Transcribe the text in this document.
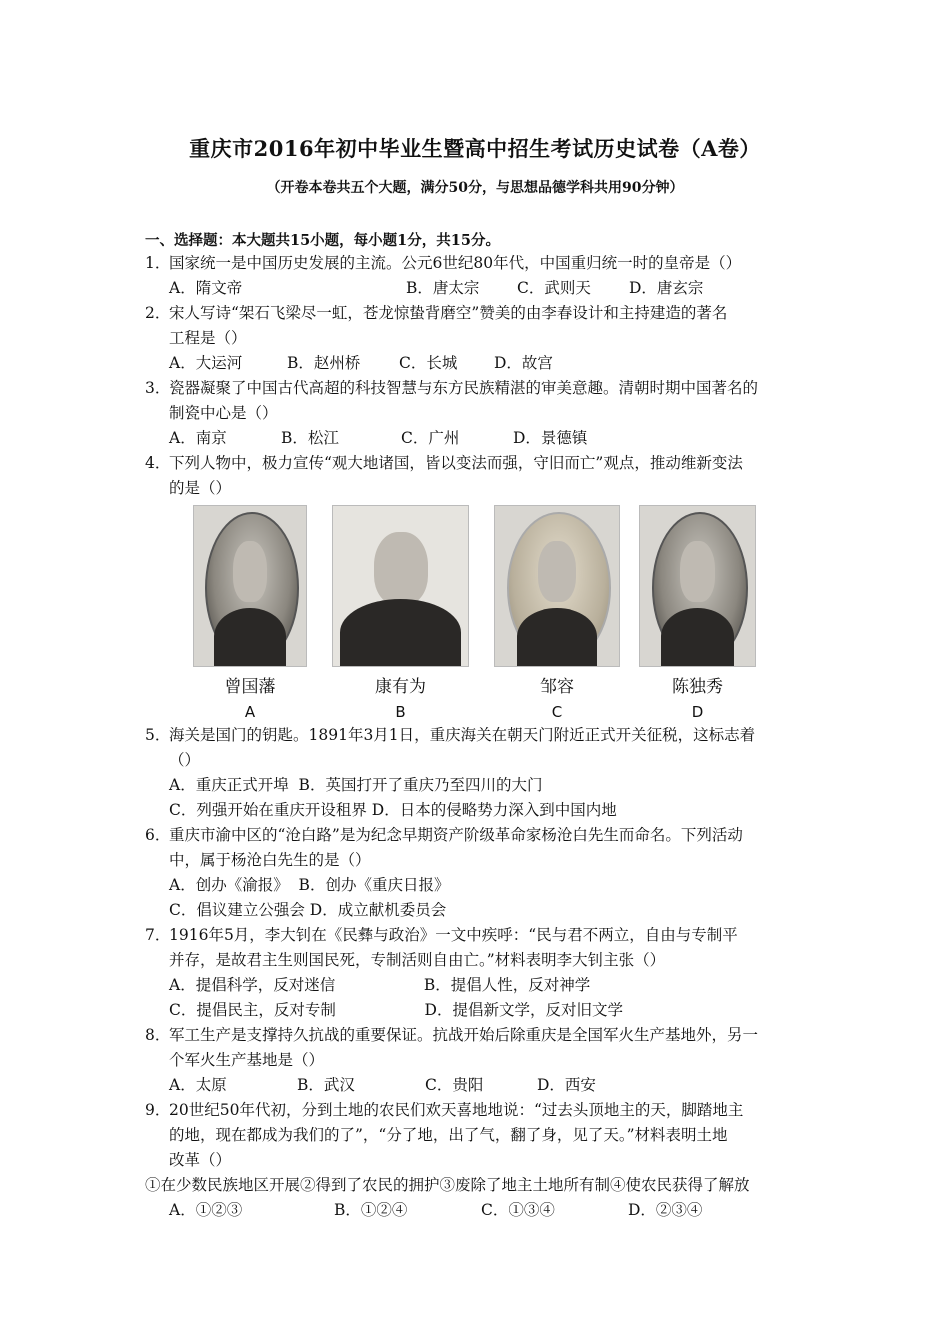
重庆市2016年初中毕业生暨高中招生考试历史试卷（A卷）
（开卷本卷共五个大题，满分50分，与思想品德学科共用90分钟）
一、选择题：本大题共15小题，每小题1分，共15分。
1．
国家统一是中国历史发展的主流。公元6世纪80年代，中国重归统一时的皇帝是（）
A．隋文帝	B．唐太宗 C．武则天 D．唐玄宗
2．
宋人写诗“架石飞梁尽一虹，苍龙惊蛰背磨空”赞美的由李春设计和主持建造的著名
工程是（）
A．大运河	B．赵州桥 C．长城 D．故宫
3．
瓷器凝聚了中国古代高超的科技智慧与东方民族精湛的审美意趣。清朝时期中国著名的
制瓷中心是（）
A．南京	B．松江	C．广州	D．景德镇
4．
下列人物中，极力宣传“观大地诸国，皆以变法而强，守旧而亡”观点，推动维新变法
的是（）
曾国藩
A
康有为
B
邹容
C
陈独秀
D
5．
海关是国门的钥匙。1891年3月1日，重庆海关在朝天门附近正式开关征税，这标志着
（）
A．重庆正式开埠  B．英国打开了重庆乃至四川的大门
C．列强开始在重庆开设租界 D．日本的侵略势力深入到中国内地
6．
重庆市渝中区的“沧白路”是为纪念早期资产阶级革命家杨沧白先生而命名。下列活动
中，属于杨沧白先生的是（）
A．创办《渝报》  B．创办《重庆日报》
C．倡议建立公强会 D．成立献机委员会
7．
1916年5月，李大钊在《民彝与政治》一文中疾呼：“民与君不两立，自由与专制平
并存，是故君主生则国民死，专制活则自由亡。”材料表明李大钊主张（）
A．提倡科学，反对迷信                  B．提倡人性，反对神学
C．提倡民主，反对专制                  D．提倡新文学，反对旧文学
8．
军工生产是支撑持久抗战的重要保证。抗战开始后除重庆是全国军火生产基地外，另一
个军火生产基地是（）
A．太原	B．武汉	C．贵阳	D．西安
9．
20世纪50年代初，分到土地的农民们欢天喜地地说：“过去头顶地主的天，脚踏地主
的地，现在都成为我们的了”，“分了地，出了气，翻了身，见了天。”材料表明土地
改革（）
①在少数民族地区开展②得到了农民的拥护③废除了地主土地所有制④使农民获得了解放
A．①②③	B．①②④	C．①③④	D．②③④
